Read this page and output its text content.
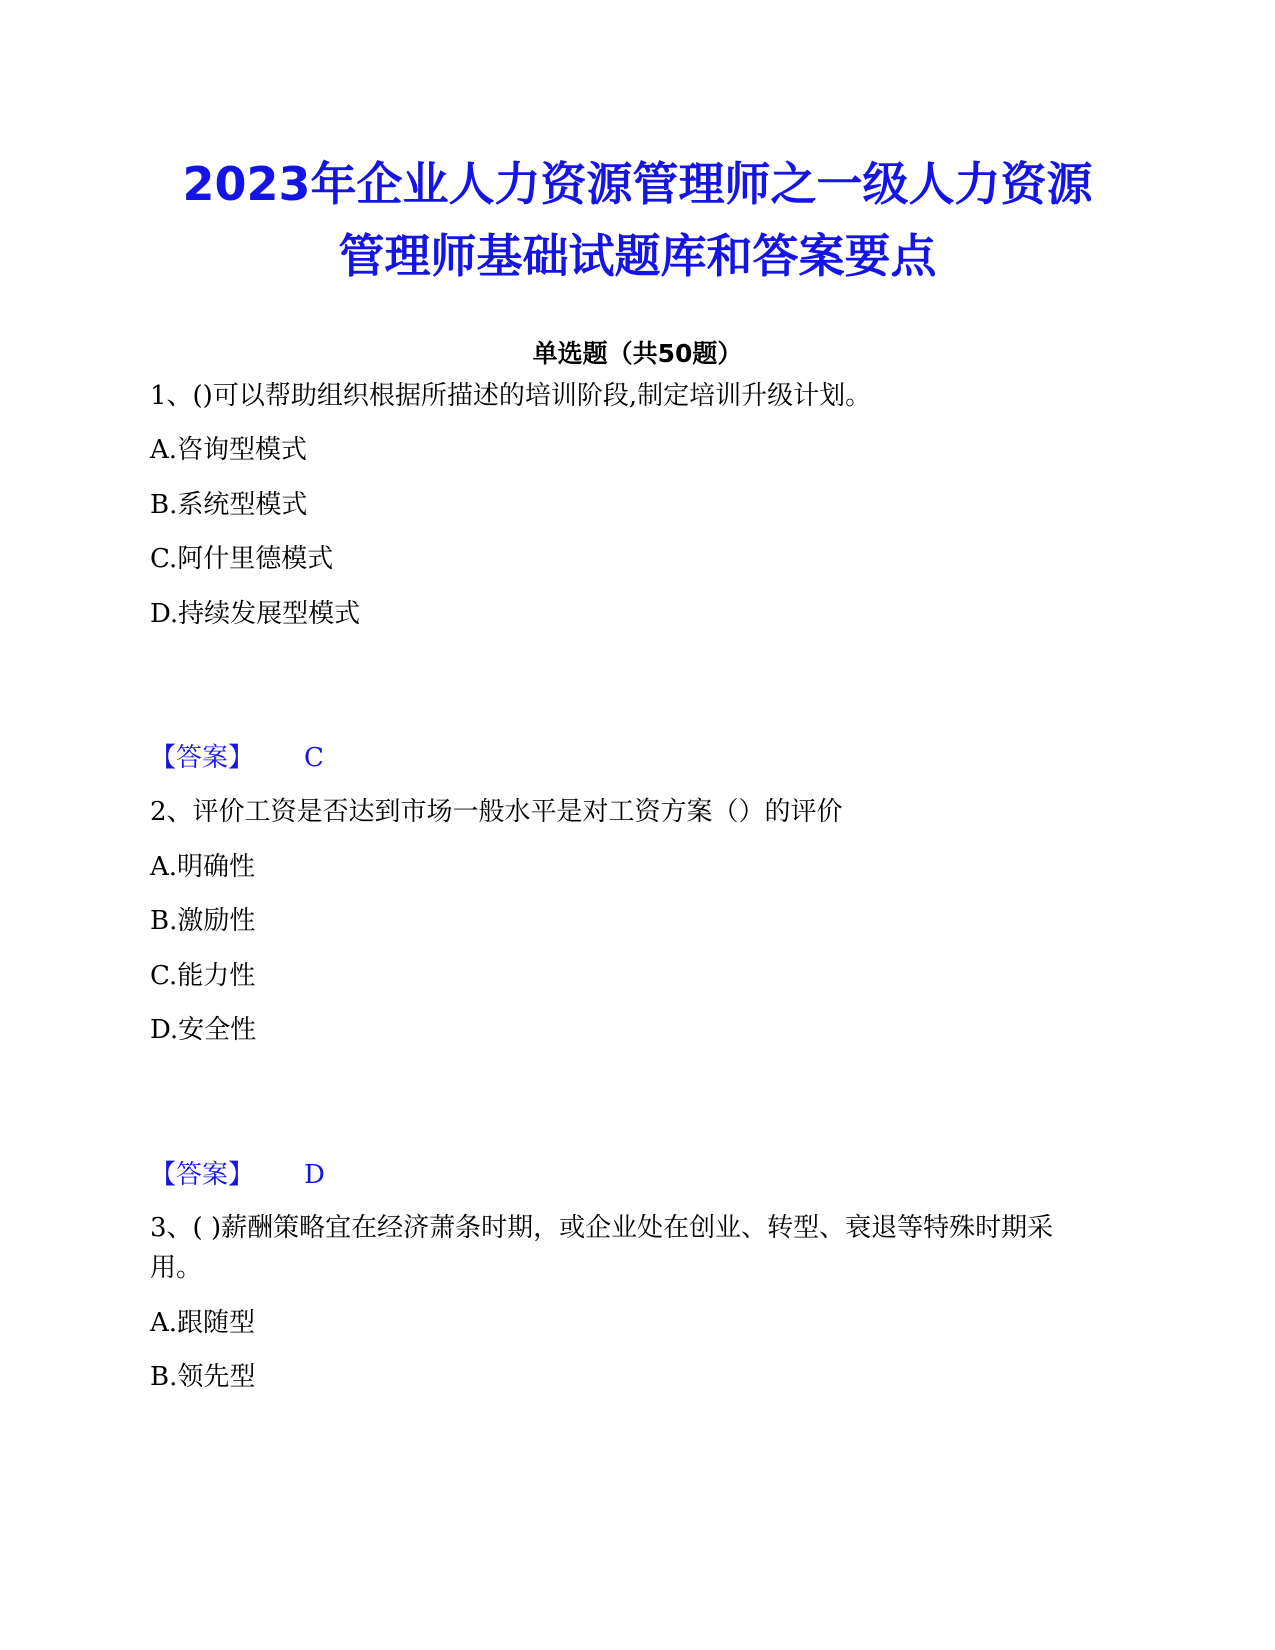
2023年企业人力资源管理师之一级人力资源
管理师基础试题库和答案要点
单选题（共50题）
1、()可以帮助组织根据所描述的培训阶段,制定培训升级计划。
A.咨询型模式
B.系统型模式
C.阿什里德模式
D.持续发展型模式
【答案】 C
2、评价工资是否达到市场一般水平是对工资方案（）的评价
A.明确性
B.激励性
C.能力性
D.安全性
【答案】 D
3、( )薪酬策略宜在经济萧条时期，或企业处在创业、转型、衰退等特殊时期采用。
A.跟随型
B.领先型
